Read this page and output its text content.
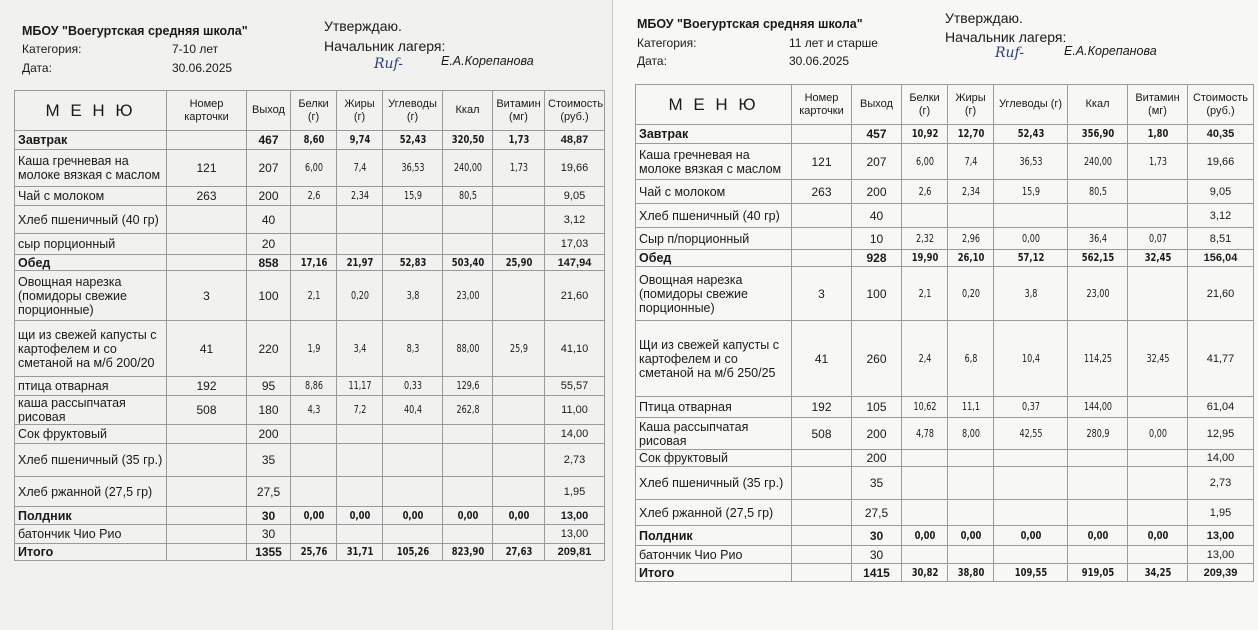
МБОУ "Воегуртская средняя школа"
Категория:	7-10 лет
Дата:	30.06.2025
Утверждаю.
Начальник лагеря:
Ruf-	Е.А.Корепанова
М Е Н Ю	Номер карточки	Выход	Белки (г)	Жиры (г)	Углеводы (г)	Ккал	Витамин (мг)	Стоимость (руб.)
Завтрак		467	8,60	9,74	52,43	320,50	1,73	48,87
Каша гречневая на молоке вязкая с маслом	121	207	6,00	7,4	36,53	240,00	1,73	19,66
Чай с молоком	263	200	2,6	2,34	15,9	80,5		9,05
Хлеб пшеничный (40 гр)		40						3,12
сыр порционный		20						17,03
Обед		858	17,16	21,97	52,83	503,40	25,90	147,94
Овощная нарезка (помидоры свежие порционные)	3	100	2,1	0,20	3,8	23,00		21,60
щи из свежей капусты с картофелем и со сметаной на м/б 200/20	41	220	1,9	3,4	8,3	88,00	25,9	41,10
птица отварная	192	95	8,86	11,17	0,33	129,6		55,57
каша рассыпчатая рисовая	508	180	4,3	7,2	40,4	262,8		11,00
Сок фруктовый		200						14,00
Хлеб пшеничный (35 гр.)		35						2,73
Хлеб ржанной (27,5 гр)		27,5						1,95
Полдник		30	0,00	0,00	0,00	0,00	0,00	13,00
батончик Чио Рио		30						13,00
Итого		1355	25,76	31,71	105,26	823,90	27,63	209,81
МБОУ "Воегуртская средняя школа"
Категория:	11 лет и старше
Дата:	30.06.2025
Утверждаю.
Начальник лагеря:
Ruf-	Е.А.Корепанова
М Е Н Ю	Номер карточки	Выход	Белки (г)	Жиры (г)	Углеводы (г)	Ккал	Витамин (мг)	Стоимость (руб.)
Завтрак		457	10,92	12,70	52,43	356,90	1,80	40,35
Каша гречневая на молоке вязкая с маслом	121	207	6,00	7,4	36,53	240,00	1,73	19,66
Чай с молоком	263	200	2,6	2,34	15,9	80,5		9,05
Хлеб пшеничный (40 гр)		40						3,12
Сыр п/порционный		10	2,32	2,96	0,00	36,4	0,07	8,51
Обед		928	19,90	26,10	57,12	562,15	32,45	156,04
Овощная нарезка (помидоры свежие порционные)	3	100	2,1	0,20	3,8	23,00		21,60
Щи из свежей капусты с картофелем и со сметаной на м/б 250/25	41	260	2,4	6,8	10,4	114,25	32,45	41,77
Птица отварная	192	105	10,62	11,1	0,37	144,00		61,04
Каша рассыпчатая рисовая	508	200	4,78	8,00	42,55	280,9	0,00	12,95
Сок фруктовый		200						14,00
Хлеб пшеничный (35 гр.)		35						2,73
Хлеб ржанной (27,5 гр)		27,5						1,95
Полдник		30	0,00	0,00	0,00	0,00	0,00	13,00
батончик Чио Рио		30						13,00
Итого		1415	30,82	38,80	109,55	919,05	34,25	209,39
